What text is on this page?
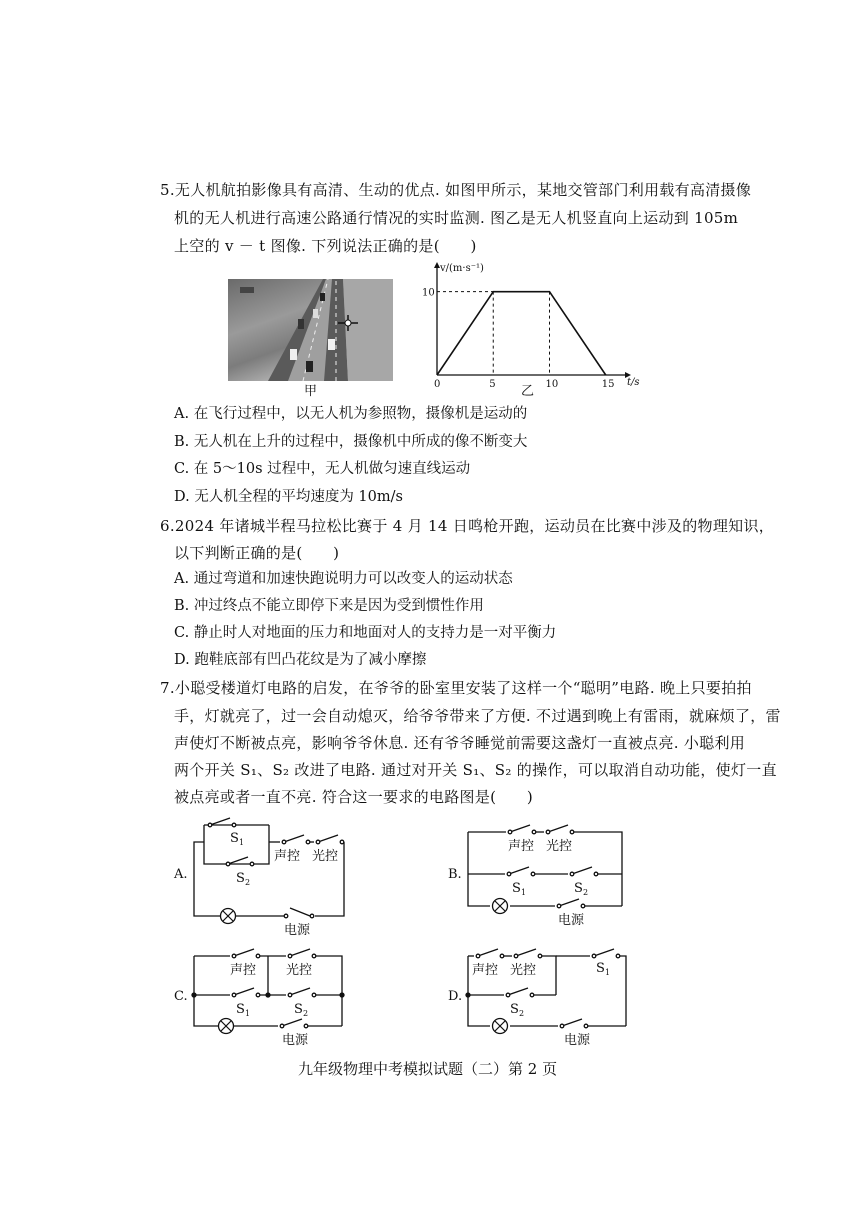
5.无人机航拍影像具有高清、生动的优点. 如图甲所示，某地交管部门利用载有高清摄像
机的无人机进行高速公路通行情况的实时监测. 图乙是无人机竖直向上运动到 105m
上空的 v － t 图像. 下列说法正确的是(　　)
甲
v/(m·s⁻¹)
t/s
0	5	10	15
10
乙
A. 在飞行过程中，以无人机为参照物，摄像机是运动的
B. 无人机在上升的过程中，摄像机中所成的像不断变大
C. 在 5～10s 过程中，无人机做匀速直线运动
D. 无人机全程的平均速度为 10m/s
6.2024 年诸城半程马拉松比赛于 4 月 14 日鸣枪开跑，运动员在比赛中涉及的物理知识，
以下判断正确的是(　　)
A. 通过弯道和加速快跑说明力可以改变人的运动状态
B. 冲过终点不能立即停下来是因为受到惯性作用
C. 静止时人对地面的压力和地面对人的支持力是一对平衡力
D. 跑鞋底部有凹凸花纹是为了减小摩擦
7.小聪受楼道灯电路的启发，在爷爷的卧室里安装了这样一个“聪明”电路. 晚上只要拍拍
手，灯就亮了，过一会自动熄灭，给爷爷带来了方便. 不过遇到晚上有雷雨，就麻烦了，雷
声使灯不断被点亮，影响爷爷休息. 还有爷爷睡觉前需要这盏灯一直被点亮. 小聪利用
两个开关 S₁、S₂ 改进了电路. 通过对开关 S₁、S₂ 的操作，可以取消自动功能，使灯一直
被点亮或者一直不亮. 符合这一要求的电路图是(　　)
A.
S 1
S 2
声控 光控
电源
B.
声控 光控
S 1	S 2
电源
C.
声控 光控
S 1	S 2
电源
D.
声控 光控	S 1
S 2
电源
九年级物理中考模拟试题（二）第 2 页
